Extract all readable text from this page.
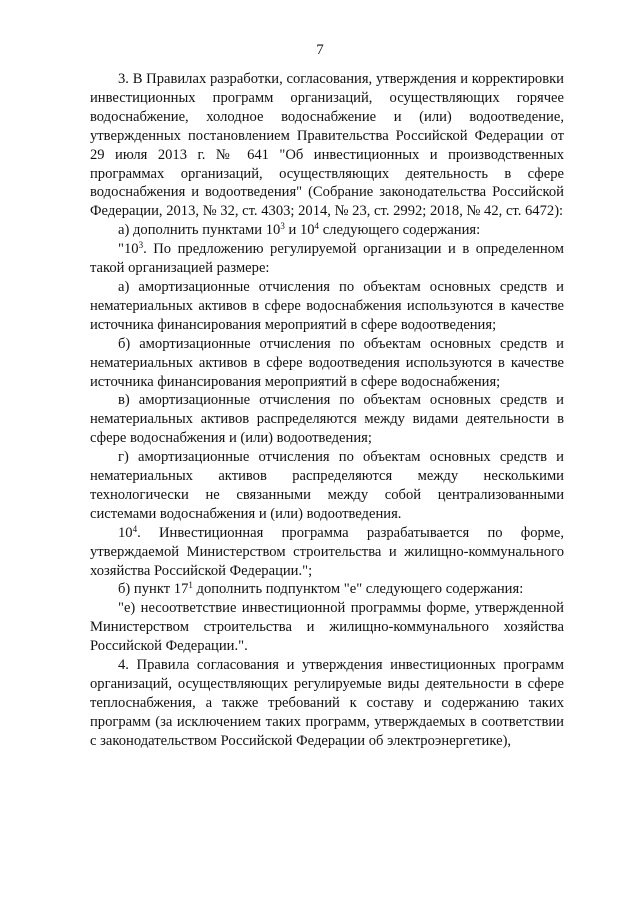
7

3. В Правилах разработки, согласования, утверждения и корректировки инвестиционных программ организаций, осуществляющих горячее водоснабжение, холодное водоснабжение и (или) водоотведение, утвержденных постановлением Правительства Российской Федерации от 29 июля 2013 г. № 641 "Об инвестиционных и производственных программах организаций, осуществляющих деятельность в сфере водоснабжения и водоотведения" (Собрание законодательства Российской Федерации, 2013, № 32, ст. 4303; 2014, № 23, ст. 2992; 2018, № 42, ст. 6472):

а) дополнить пунктами $10^3$ и $10^4$ следующего содержания:

"$10^3$. По предложению регулируемой организации и в определенном такой организацией размере:

а) амортизационные отчисления по объектам основных средств и нематериальных активов в сфере водоснабжения используются в качестве источника финансирования мероприятий в сфере водоотведения;

б) амортизационные отчисления по объектам основных средств и нематериальных активов в сфере водоотведения используются в качестве источника финансирования мероприятий в сфере водоснабжения;

в) амортизационные отчисления по объектам основных средств и нематериальных активов распределяются между видами деятельности в сфере водоснабжения и (или) водоотведения;

г) амортизационные отчисления по объектам основных средств и нематериальных активов распределяются между несколькими технологически не связанными между собой централизованными системами водоснабжения и (или) водоотведения.

$10^4$. Инвестиционная программа разрабатывается по форме, утверждаемой Министерством строительства и жилищно-коммунального хозяйства Российской Федерации.";

б) пункт $17^1$ дополнить подпунктом "е" следующего содержания:

"е) несоответствие инвестиционной программы форме, утвержденной Министерством строительства и жилищно-коммунального хозяйства Российской Федерации.".

4. Правила согласования и утверждения инвестиционных программ организаций, осуществляющих регулируемые виды деятельности в сфере теплоснабжения, а также требований к составу и содержанию таких программ (за исключением таких программ, утверждаемых в соответствии с законодательством Российской Федерации об электроэнергетике),
